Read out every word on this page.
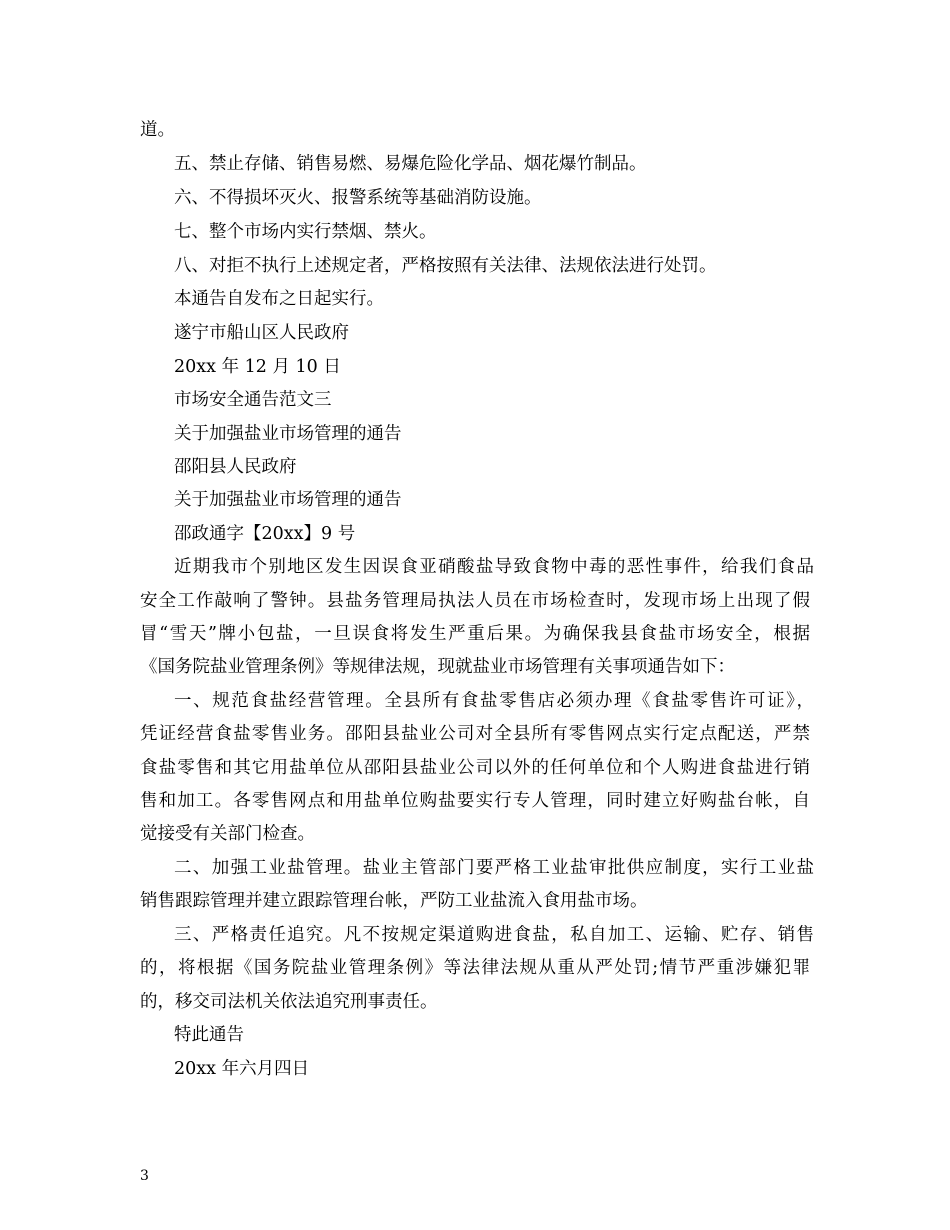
道。
五、禁止存储、销售易燃、易爆危险化学品、烟花爆竹制品。
六、不得损坏灭火、报警系统等基础消防设施。
七、整个市场内实行禁烟、禁火。
八、对拒不执行上述规定者，严格按照有关法律、法规依法进行处罚。
本通告自发布之日起实行。
遂宁市船山区人民政府
20xx 年 12 月 10 日
市场安全通告范文三
关于加强盐业市场管理的通告
邵阳县人民政府
关于加强盐业市场管理的通告
邵政通字【20xx】9 号
近期我市个别地区发生因误食亚硝酸盐导致食物中毒的恶性事件，给我们食品
安全工作敲响了警钟。县盐务管理局执法人员在市场检查时，发现市场上出现了假
冒“雪天”牌小包盐，一旦误食将发生严重后果。为确保我县食盐市场安全，根据
《国务院盐业管理条例》等规律法规，现就盐业市场管理有关事项通告如下：
一、规范食盐经营管理。全县所有食盐零售店必须办理《食盐零售许可证》，
凭证经营食盐零售业务。邵阳县盐业公司对全县所有零售网点实行定点配送，严禁
食盐零售和其它用盐单位从邵阳县盐业公司以外的任何单位和个人购进食盐进行销
售和加工。各零售网点和用盐单位购盐要实行专人管理，同时建立好购盐台帐，自
觉接受有关部门检查。
二、加强工业盐管理。盐业主管部门要严格工业盐审批供应制度，实行工业盐
销售跟踪管理并建立跟踪管理台帐，严防工业盐流入食用盐市场。
三、严格责任追究。凡不按规定渠道购进食盐，私自加工、运输、贮存、销售
的，将根据《国务院盐业管理条例》等法律法规从重从严处罚;情节严重涉嫌犯罪
的，移交司法机关依法追究刑事责任。
特此通告
20xx 年六月四日
3
